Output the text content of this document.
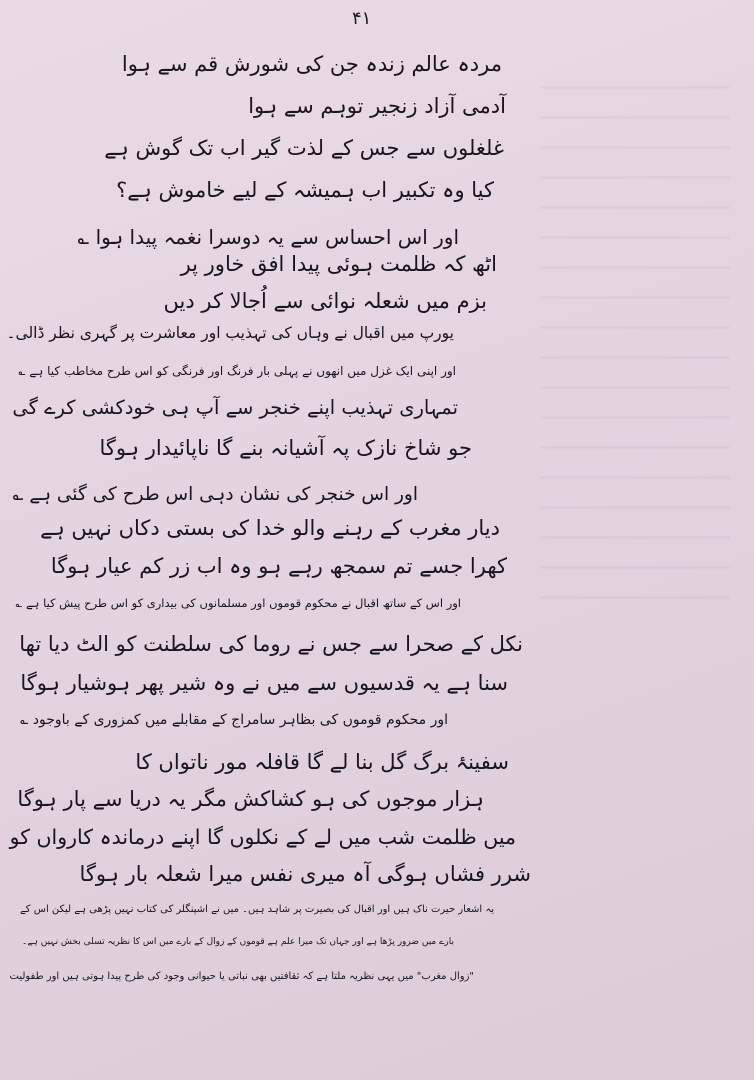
۴۱
مردہ عالم زندہ جن کی شورش قم سے ہوا
آدمی آزاد زنجیر توہم سے ہوا
غلغلوں سے جس کے لذت گیر اب تک گوش ہے
کیا وہ تکبیر اب ہمیشہ کے لیے خاموش ہے؟
اور اس احساس سے یہ دوسرا نغمہ پیدا ہوا ؎
اٹھ کہ ظلمت ہوئی پیدا افق خاور پر
بزم میں شعلہ نوائی سے اُجالا کر دیں
یورپ میں اقبال نے وہاں کی تہذیب اور معاشرت پر گہری نظر ڈالی۔
اور اپنی ایک غزل میں انھوں نے پہلی بار فرنگ اور فرنگی کو اس طرح مخاطب کیا ہے ؎
تمہاری تہذیب اپنے خنجر سے آپ ہی خودکشی کرے گی
جو شاخ نازک پہ آشیانہ بنے گا ناپائیدار ہوگا
اور اس خنجر کی نشان دہی اس طرح کی گئی ہے ؎
دیار مغرب کے رہنے والو خدا کی بستی دکاں نہیں ہے
کھرا جسے تم سمجھ رہے ہو وہ اب زر کم عیار ہوگا
اور اس کے ساتھ اقبال نے محکوم قوموں اور مسلمانوں کی بیداری کو اس طرح پیش کیا ہے ؎
نکل کے صحرا سے جس نے روما کی سلطنت کو الٹ دیا تھا
سنا ہے یہ قدسیوں سے میں نے وہ شیر پھر ہوشیار ہوگا
اور محکوم قوموں کی بظاہر سامراج کے مقابلے میں کمزوری کے باوجود ؎
سفینۂ برگ گل بنا لے گا قافلہ مور ناتواں کا
ہزار موجوں کی ہو کشاکش مگر یہ دریا سے پار ہوگا
میں ظلمت شب میں لے کے نکلوں گا اپنے درماندہ کارواں کو
شرر فشاں ہوگی آہ میری نفس میرا شعلہ بار ہوگا
یہ اشعار حیرت ناک ہیں اور اقبال کی بصیرت پر شاہد ہیں۔ میں نے اشپنگلر کی کتاب نہیں پڑھی ہے لیکن اس کے
بارے میں ضرور پڑھا ہے اور جہاں تک میرا علم ہے قوموں کے زوال کے بارے میں اس کا نظریہ تسلی بخش نہیں ہے۔
"زوال مغرب" میں یہی نظریہ ملتا ہے کہ ثقافتیں بھی نباتی یا حیوانی وجود کی طرح پیدا ہوتی ہیں اور طفولیت
